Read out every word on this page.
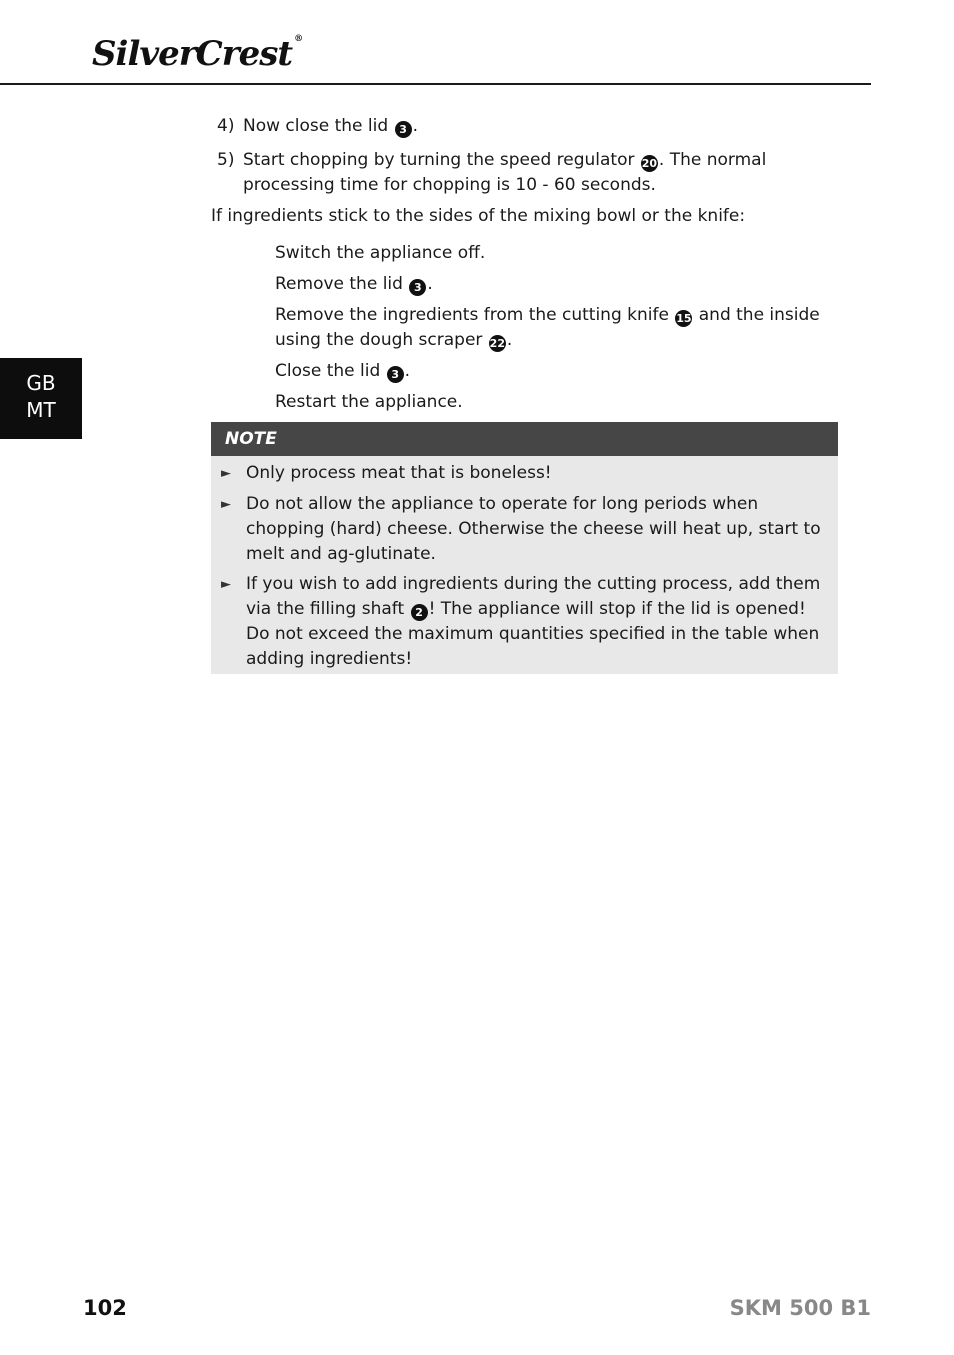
SilverCrest ®
GB
MT
4) Now close the lid 3 .
5) Start chopping by turning the speed regulator 20 . The normal processing time for chopping is 10 - 60 seconds.
If ingredients stick to the sides of the mixing bowl or the knife:
Switch the appliance off.
Remove the lid 3 .
Remove the ingredients from the cutting knife 15 and the inside using the dough scraper 22 .
Close the lid 3 .
Restart the appliance.
NOTE
► Only process meat that is boneless!
► Do not allow the appliance to operate for long periods when chopping (hard) cheese. Otherwise the cheese will heat up, start to melt and ag-glutinate.
► If you wish to add ingredients during the cutting process, add them via the filling shaft 2 ! The appliance will stop if the lid is opened!
Do not exceed the maximum quantities specified in the table when adding ingredients!
102	SKM 500 B1
